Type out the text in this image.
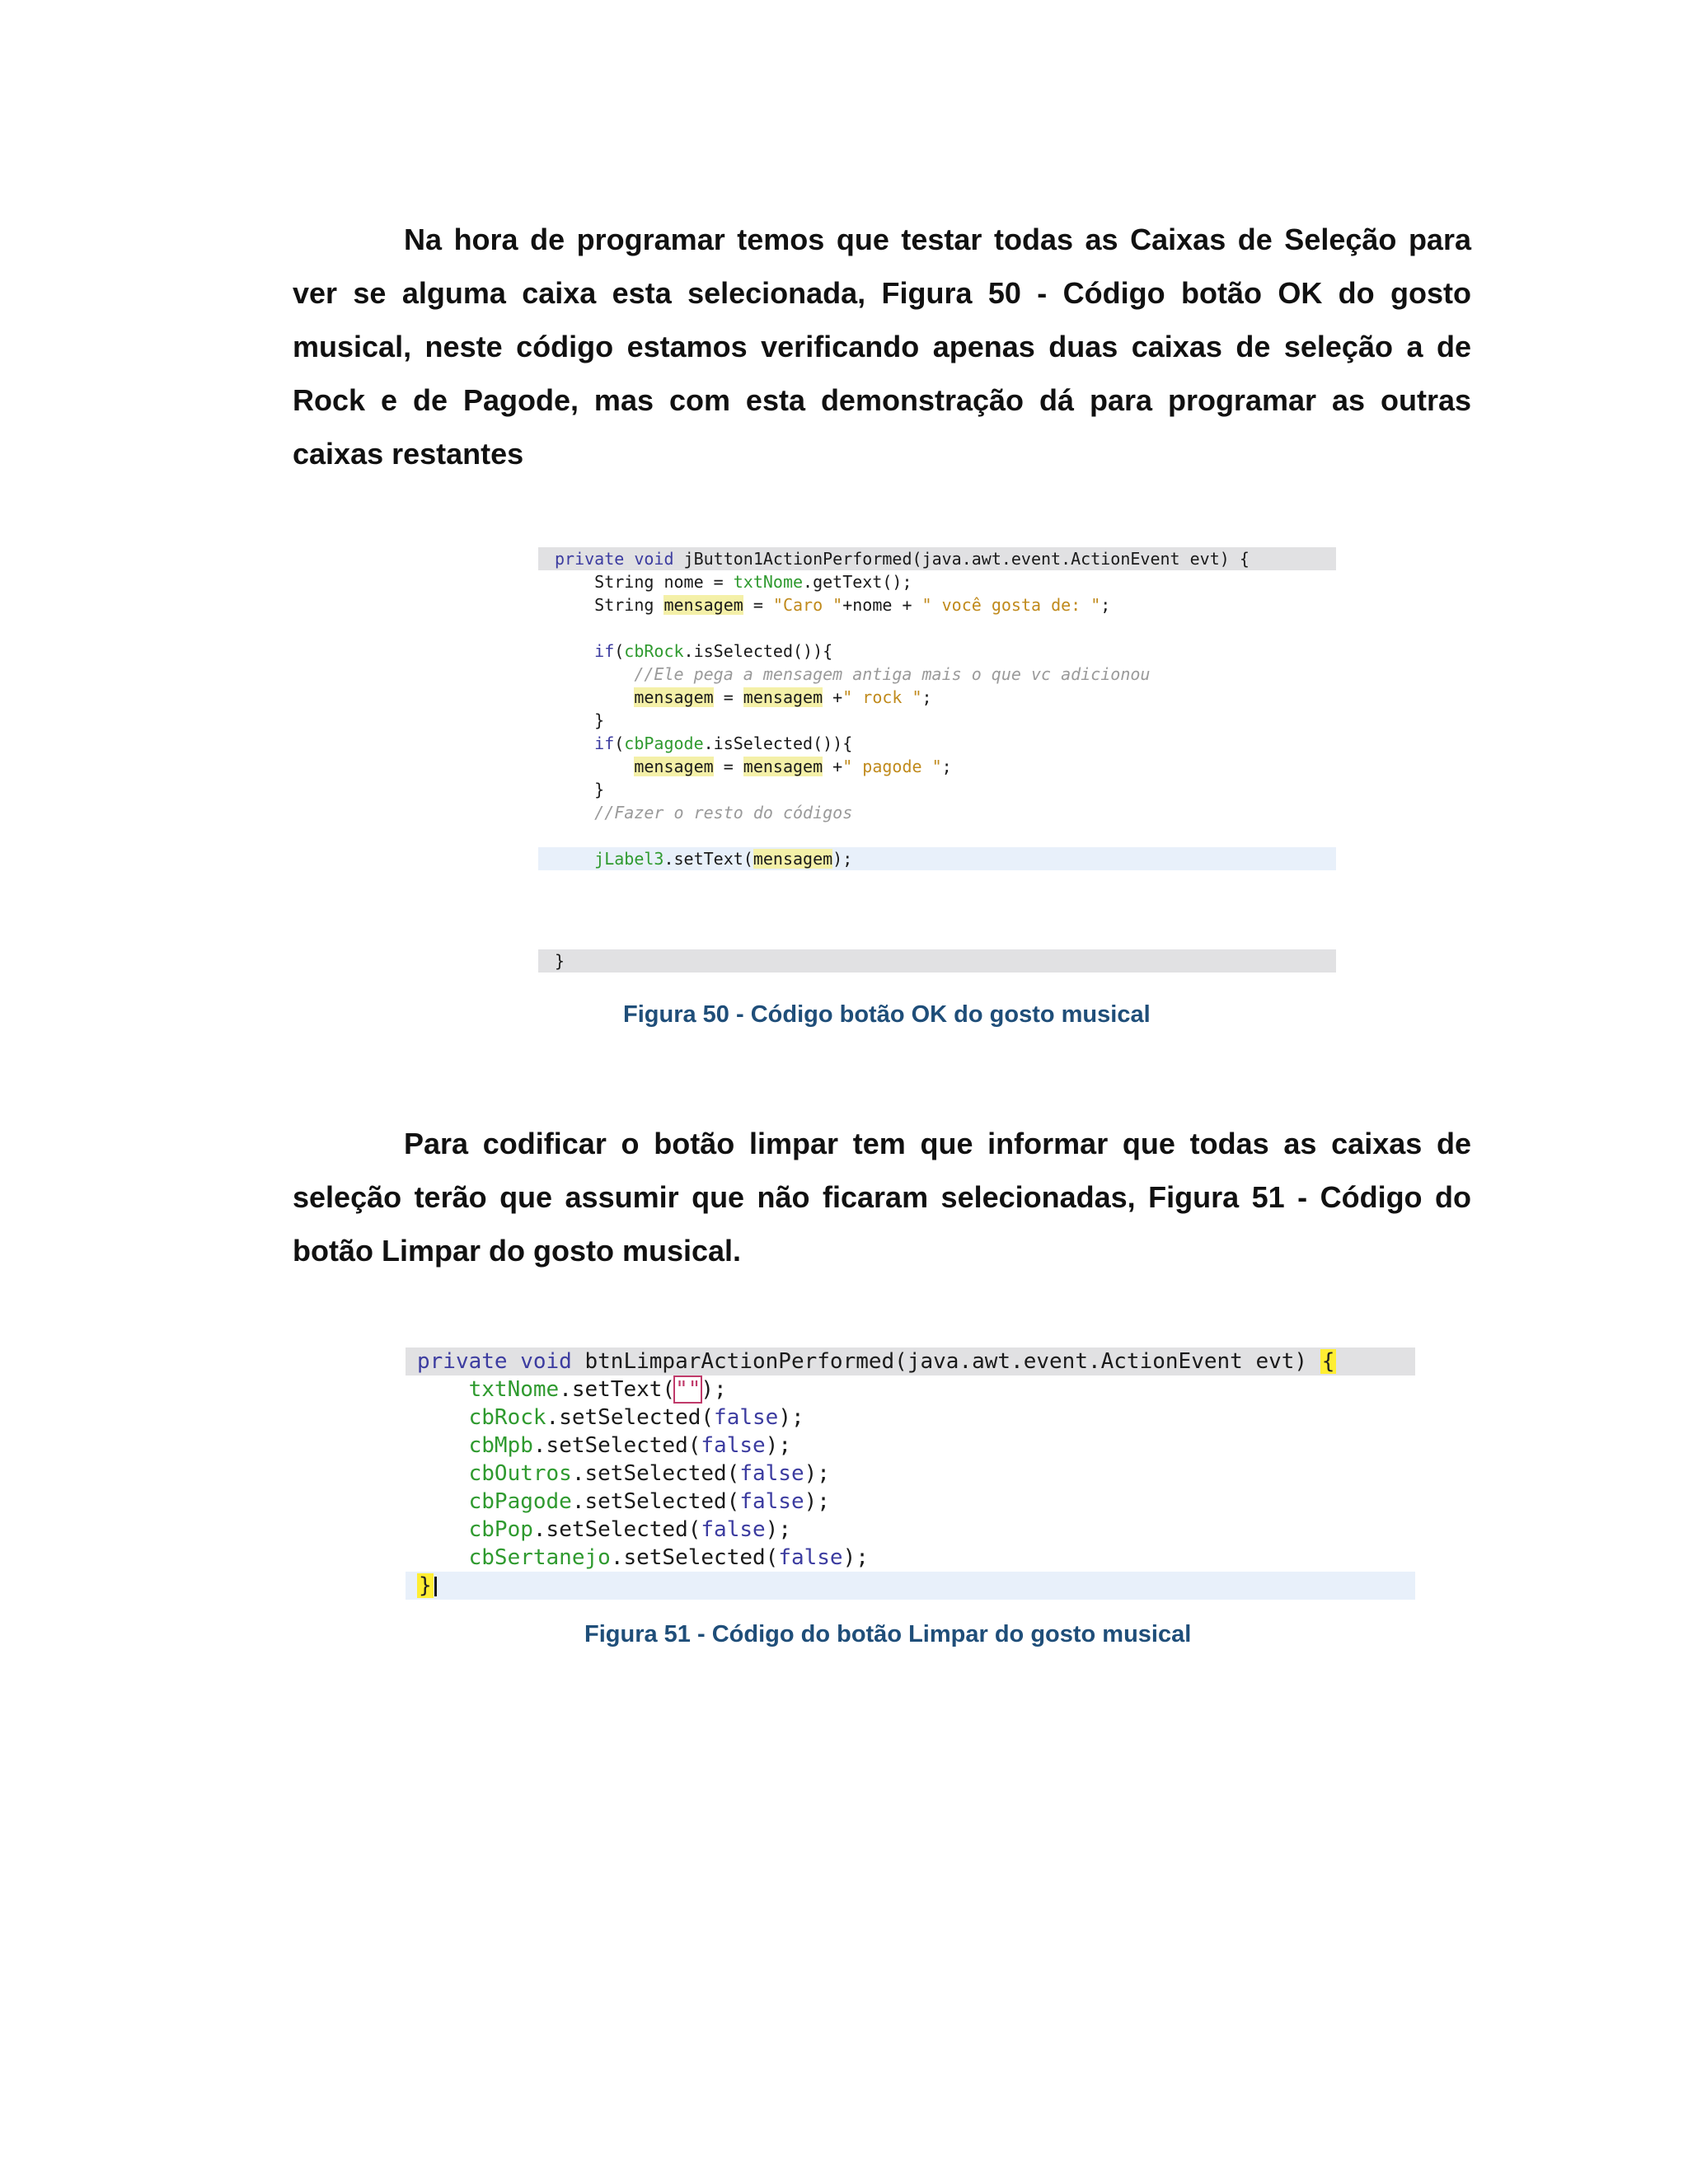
Na hora de programar temos que testar todas as Caixas de Seleção para ver se alguma caixa esta selecionada, Figura 50 - Código botão OK do gosto musical, neste código estamos verificando apenas duas caixas de seleção a de Rock e de Pagode, mas com esta demonstração dá para programar as outras caixas restantes

private void jButton1ActionPerformed(java.awt.event.ActionEvent evt) {

String nome = txtNome.getText();

String mensagem = "Caro "+nome + " você gosta de: ";

if(cbRock.isSelected()){

//Ele pega a mensagem antiga mais o que vc adicionou

mensagem = mensagem +" rock ";

}

if(cbPagode.isSelected()){

mensagem = mensagem +" pagode ";

}

//Fazer o resto do códigos

jLabel3.setText(mensagem);

}

Figura 50 - Código botão OK do gosto musical

Para codificar o botão limpar tem que informar que todas as caixas de seleção terão que assumir que não ficaram selecionadas, Figura 51 - Código do botão Limpar do gosto musical.

private void btnLimparActionPerformed(java.awt.event.ActionEvent evt) {

txtNome.setText("");

cbRock.setSelected(false);

cbMpb.setSelected(false);

cbOutros.setSelected(false);

cbPagode.setSelected(false);

cbPop.setSelected(false);

cbSertanejo.setSelected(false);

}

Figura 51 - Código do botão Limpar do gosto musical
